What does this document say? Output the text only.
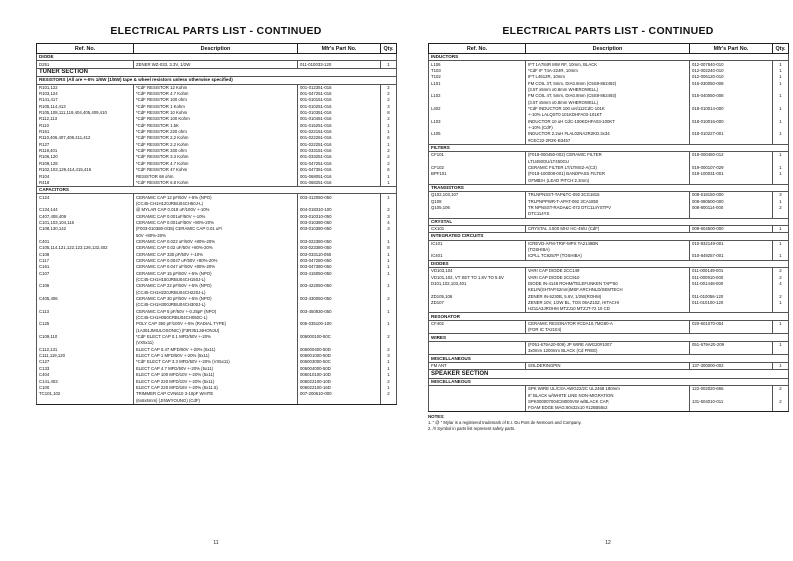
ELECTRICAL PARTS LIST - CONTINUED
Ref. No.	Description	Mfr's Part No.	Qty.
DIODE			
D251	ZENER WZ-033, 3.3V, 1/2W	011-010033-120	1
TUNER SECTION			
RESISTORS (All are +-5% 1/6W (1/8W) tape & wheel resistors unless otherwise specified)			
R101,122	*CdF RESISTOR 12 Kohm	001-012351-016	2
R103,124	*CdF RESISTOR 4.7 Kohm	001-047251-016	2
R141,417	*CdF RESISTOR 100 ohm	001-010151-016	2
R105,114,413	*CdF RESISTOR 1 Kohm	001-010251-016	3
R105,108,111,119,404,405,409,410	*CdF RESISTOR 10 Kohm	001-010351-016	8
R112,113	*CdF RESISTOR 100 Kohm	001-010451-016	2
R110	*CdF RESISTOR 1.5K	001-015251-016	1
R151	*CdF RESISTOR 220 ohm	001-022151-016	1
R110,406,407,408,411,412	*CdF RESISTOR 2.2 Kohm	001-022251-016	6
R127	*CdF RESISTOR 2.2 Kohm	001-022251-016	1
R118,401	*CdF RESISTOR 330 ohm	001-033151-016	2
R106,120	*CdF RESISTOR 3.3 Kohm	001-033251-016	2
R109,128	*CdF RESISTOR 4.7 Kohm	001-047251-016	2
R102,103,129,414,415,416	*CdF RESISTOR 47 Kohm	001-047351-016	6
R104	RESISTOR 68 ohm	001-068051-016	1
R418	*CdF RESISTOR 6.8 Kohm	001-068251-016	1
CAPACITORS			
C124	CERAMIC CAP 12 pF/50V +-5% (NPO)	003-412050-050	1
	(CC45-CH1H120JRBU04CH50J-L)		
C134,144	@ MYLAR CAP 0.018 uF/100V +-10%	004-018310-100	2
C407,408,409	CERAMIC CAP 0.001uF/50V +-10%	003-010310-050	3
C101,103,104,116	CERAMIC CAP 0.001uF/50V +80%-20%	003-010380-050	4
C108,130,142	(F003-010380-0/35) CERAMIC CAP 0.01 uF/	003-010380-050	3
	50V +80%-20%		
C401	CERAMIC CAP 0.022 uF/50V +80%-20%	003-022380-050	1
C105,114,121,122,123,126,132,402	CERAMIC CAP 0.02 uF/50V +80%-20%	003-023380-050	8
C108	CERAMIC CAP 330 pF/50V +-10%	003-033110-050	1
C117	CERAMIC CAP 0.0047 uF/50V +80%-20%	003-047280-050	1
C161	CERAMIC CAP 0.047 uF/50V +80%-20%	003-047380-050	1
C107	CERAMIC CAP 15 pF/50V +-5% (NPO)	003-415050-050	1
	(CC45-CH1H150JRBU04CH150J-L)		
C106	CERAMIC CAP 22 pF/50V +-5% (NPO)	003-422050-050	1
	(CC45-CH1H220JRBU04CH220J-L)		
C405,406	CERAMIC CAP 30 pF/50V +-5% (NPO)	003-430050-050	2
	(CC45-CH1H300JRBU04CH300J-L)		
C113	CERAMIC CAP 5 pF/50V +-0.25pF (NPO)	003-450830-050	1
	(CC45-CH1H050CRBU04CH050C-L)		
C125	POLY CAP 350 pF/100V +-5% (RADIAL TYPE)	005-035100-100	1
	(1A351JMIULOSONIC) (F3R351J4HONJU)		
C109,110	*CdF ELECT CAP 0.1 MFD/50V +-20%	006000100-50C	2
	(VX5x11)		
C112,131	ELECT CAP 0.47 MFD/50V +-20% (5x11)	006000400-50D	2
C111,119,120	ELECT CAP 1 MFD/50V +-20% (5x11)	006001000-50D	3
C127	*CdF ELECT CAP 3.3 MFD/50V +-20% (VX5x11)	006003000-50C	1
C133	ELECT CAP 4.7 MFD/50V +-20% (5x11)	006004000-50D	1
C404	ELECT CAP 100 MFD/10V +-20% (5x11)	006010100-10D	1
C141,403	ELECT CAP 220 MFD/10V +-20% (5x11)	006022100-10D	2
C100	ELECT CAP 220 MFD/16V +-20% (6x11.5)	006022100-16D	1
TC101,102	TRIMMER CAP CVN610 3-10pF WHITE	007-200610-000	2
	(6x6x5mm) (JINWYOUNG) (CdF)		
11
ELECTRICAL PARTS LIST - CONTINUED
Ref. No.	Description	Mfr's Part No.	Qty.
INDUCTORS			
L106	IFT 1A784R MW RF, 10mm, BLACK	012-007840-010	1
T103	*CdF IF T4A-224R, 10mm	012-002240-010	1
T102	IFT L4612R, 10mm	012-006120-010	1
L101	FM COIL 3T, 5mm, DIA0.8mm (C5S8-862492)	015-030050-008	1
	(3.5T x5mm x0.8mm WHEROWELL)		
L102	FM COIL 4T, 5mm, DIA0.8mm (C5S8-862493)	015-040050-008	1
	(3.5T x5mm x0.8mm WHEROWELL)		
L402	*CdF INDUCTOR 100 uH/112CdC-101K	018-010014-000	1
	+-10% LALQST0 101KDHFA03-101KT		
L103	INDUCTOR 10 uH CdC-100KDHFA03-100KT	018-010016-000	1
	+-10% (CdF)		
L105	INDUCTOR 2.2uH #LAL02NA2R2KD.3x34	018-010227-001	1
	#CEC22-2R2K-B3457		
FILTERS			
CF101	(F019-000450-002) CERAMIC FILTER	019-000450-012	1
	LTU450GU/LT450GU		
CF102	CERAMIC FILTER LT/LTMS2-A(C3)	019-000107-029	1
BPF101	(F019-100008-001) BANDPASS FILTER	019-100031-001	1
	GFMB3-I (LEAD PITCH:2.3mm)		
TRANSISTORS			
Q102,103,107	TRLNPNSST-TAP&TC-092 3CG1815	008-618150-000	3
Q108	TRLPNPPWR-T-APAT-092 3CA1850	008-080500-000	1
Q105,106	TR NPNSST-RADA&C-072 DTC114YSTPV	008-800114-000	2
	DTC114YS		
CRYSTAL			
CX101	CRYSTAL 4.500 MHz HC-49/U (CdF)	009-604500-000	1
INTEGRATED CIRCUITS			
IC101	ICREVD-AFM-TRIF-MPX TA2149BN	010-832149-001	1
	(TOSHIBA)		
IC401	ICPLL TC9257P (TOSHIBA)	010-849257-001	1
DIODES			
VD103,104	VARI CAP DIODE 2CC149	011-000149-001	2
VD101,102, VT SET TO 1.8V TO 5.5V	VARI CAP DIODE 2CC910	011-000910-000	2
D101,102,103,401	DIODE IN-4148 ROHM/TELEFUNKEN TAP*50	011-001448-000	4
	KELIN(SHTAP.52mm)MSF.ARCHNLD/SEMTECH		
ZD105,106	ZENER IN-5230B, 5.6V, 1/2W(ROHM)	011-010056-120	2
ZD107	ZENER 10V, 1/2W BL, TOS 05AZ10Z, HITACHI	011-010100-120	1
	HZ11A3JROHM MTZJ10 MTZJT-72 10 CD		
RESONATOR			
CF402	CERAMIC RESONATOR #CDA10.7MG80-A	020-601070-004	1
	(FOR IC TA2104)		
WIRES			
	(F051-679A20-009) JP WIRE AWG20#1007	051-679A20-209	1
	3x0mm 1200mm BLACK (Cd FREE)		
MISCELLANEOUS			
FM ANT	SOLDERINGPIN	137-300000-002	1
SPEAKER SECTION			
MISCELLANEOUS			
	SPK WIRE UL/CSA AWG22/2C UL2468 180mm	122-002020-665	2
	6" BLACK w/WHITE LINE NON-MIGRATION		
	SPK000007004CM000VW w/BLACK CAP,	131-504010-011	2
	FOAM EDGE MAG:60x32x10 #125B58x2		
NOTES:
1. " @ " Mylar is a registered trademark of E.I. Du Pont de Nemours and Company.
2. /!\ Symbol in parts list represent safety parts.
12
